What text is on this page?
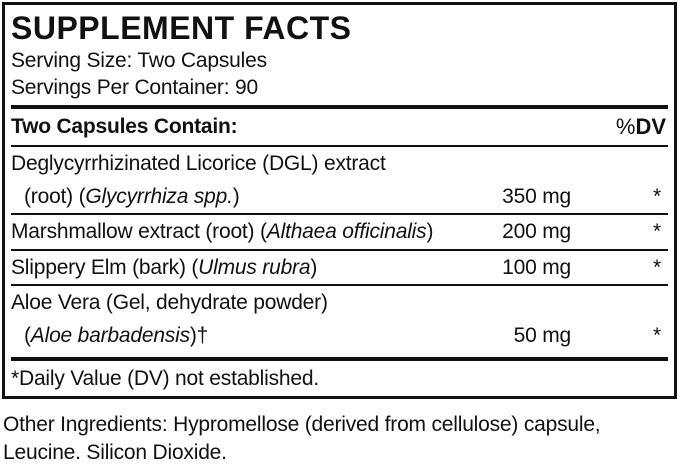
SUPPLEMENT FACTS
Serving Size: Two Capsules
Servings Per Container: 90
Two Capsules Contain:	%DV
Deglycyrrhizinated Licorice (DGL) extract
(root) (Glycyrrhiza spp.)	350 mg	*
Marshmallow extract (root) (Althaea officinalis)	200 mg	*
Slippery Elm (bark) (Ulmus rubra)	100 mg	*
Aloe Vera (Gel, dehydrate powder)
(Aloe barbadensis)†	50 mg	*
*Daily Value (DV) not established.
Other Ingredients: Hypromellose (derived from cellulose) capsule,
Leucine. Silicon Dioxide.
